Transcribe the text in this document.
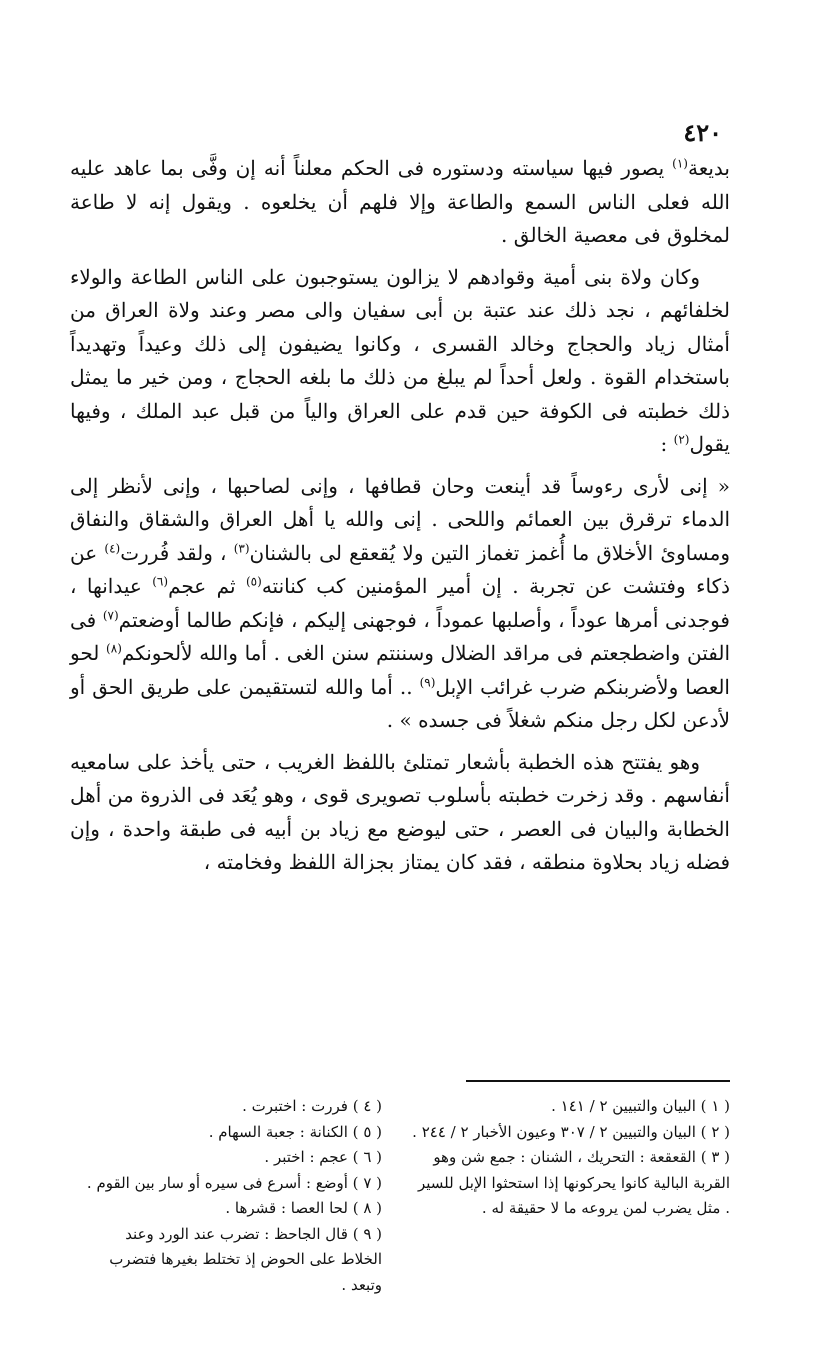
٤٢٠

بديعة$^{(١)}$ يصور فيها سياسته ودستوره فى الحكم معلناً أنه إن وفَّى بما عاهد عليه الله فعلى الناس السمع والطاعة وإلا فلهم أن يخلعوه . ويقول إنه لا طاعة لمخلوق فى معصية الخالق .

وكان ولاة بنى أمية وقوادهم لا يزالون يستوجبون على الناس الطاعة والولاء لخلفائهم ، نجد ذلك عند عتبة بن أبى سفيان والى مصر وعند ولاة العراق من أمثال زياد والحجاج وخالد القسرى ، وكانوا يضيفون إلى ذلك وعيداً وتهديداً باستخدام القوة . ولعل أحداً لم يبلغ من ذلك ما بلغه الحجاج ، ومن خير ما يمثل ذلك خطبته فى الكوفة حين قدم على العراق والياً من قبل عبد الملك ، وفيها يقول$^{(٢)}$ :

« إنى لأرى رءوساً قد أينعت وحان قطافها ، وإنى لصاحبها ، وإنى لأنظر إلى الدماء ترقرق بين العمائم واللحى . إنى والله يا أهل العراق والشقاق والنفاق ومساوئ الأخلاق ما أُغمز تغماز التين ولا يُقعقع لى بالشنان$^{(٣)}$ ، ولقد فُررت$^{(٤)}$ عن ذكاء وفتشت عن تجربة . إن أمير المؤمنين كب كنانته$^{(٥)}$ ثم عجم$^{(٦)}$ عيدانها ، فوجدنى أمرها عوداً ، وأصلبها عموداً ، فوجهنى إليكم ، فإنكم طالما أوضعتم$^{(٧)}$ فى الفتن واضطجعتم فى مراقد الضلال وسننتم سنن الغى . أما والله لألحونكم$^{(٨)}$ لحو العصا ولأضربنكم ضرب غرائب الإبل$^{(٩)}$ .. أما والله لتستقيمن على طريق الحق أو لأدعن لكل رجل منكم شغلاً فى جسده » .

وهو يفتتح هذه الخطبة بأشعار تمتلئ باللفظ الغريب ، حتى يأخذ على سامعيه أنفاسهم . وقد زخرت خطبته بأسلوب تصويرى قوى ، وهو يُعَد فى الذروة من أهل الخطابة والبيان فى العصر ، حتى ليوضع مع زياد بن أبيه فى طبقة واحدة ، وإن فضله زياد بحلاوة منطقه ، فقد كان يمتاز بجزالة اللفظ وفخامته ،

( ١ ) البيان والتبيين ٢ / ١٤١ .

( ٢ ) البيان والتبيين ٢ / ٣٠٧ وعيون الأخبار ٢ / ٢٤٤ .

( ٣ ) القعقعة : التحريك ، الشنان : جمع شن وهو القربة البالية كانوا يحركونها إذا استحثوا الإبل للسير . مثل يضرب لمن يروعه ما لا حقيقة له .

( ٤ ) فررت : اختبرت .

( ٥ ) الكنانة : جعبة السهام .

( ٦ ) عجم : اختبر .

( ٧ ) أوضع : أسرع فى سيره أو سار بين القوم .

( ٨ ) لحا العصا : قشرها .

( ٩ ) قال الجاحظ : تضرب عند الورد وعند الخلاط على الحوض إذ تختلط بغيرها فتضرب وتبعد .
